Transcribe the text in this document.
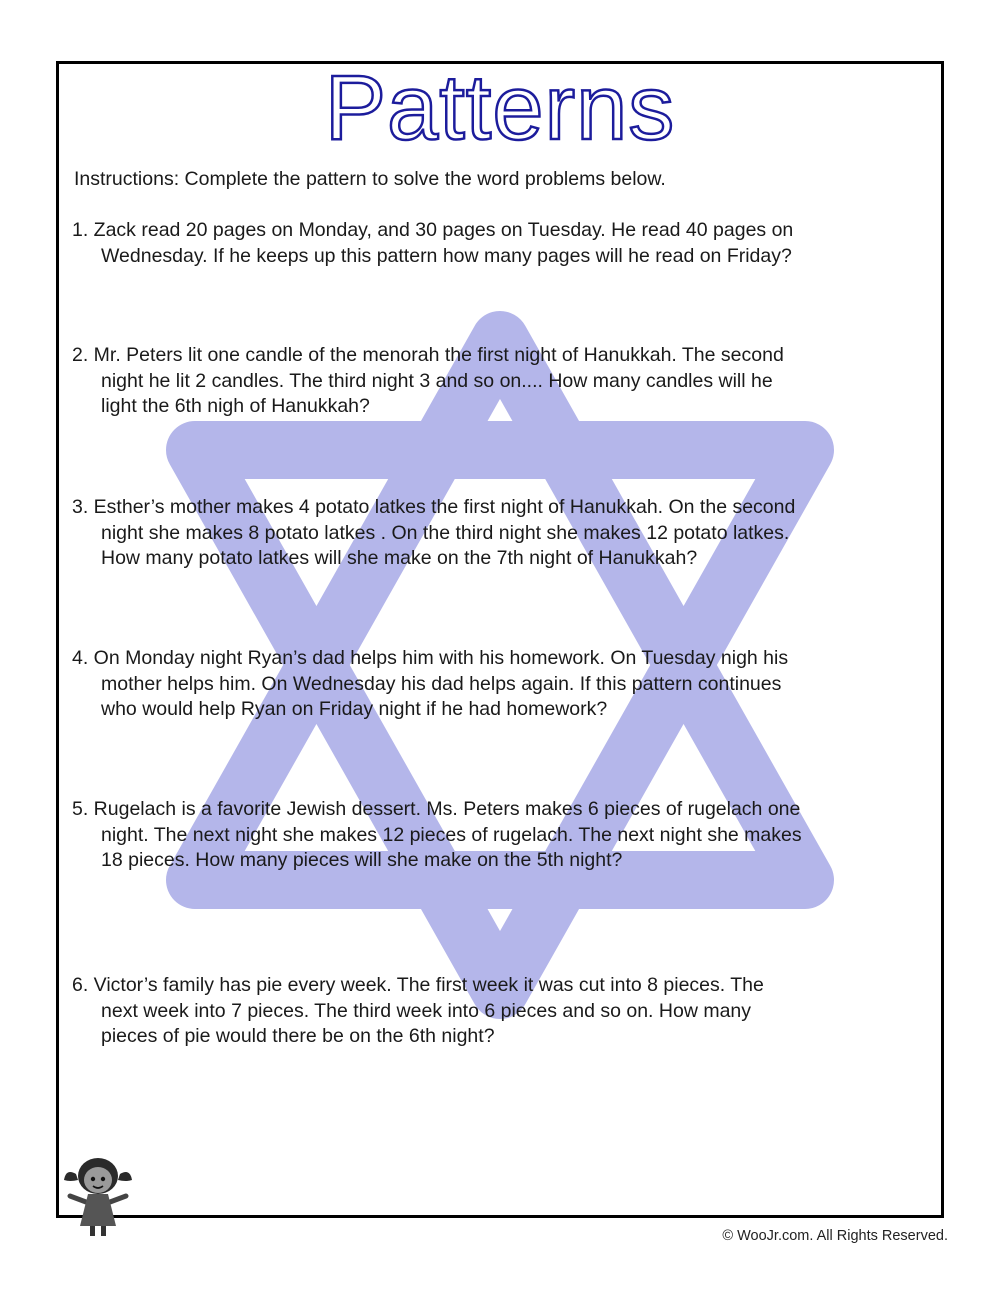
Patterns
Instructions: Complete the pattern to solve the word problems below.
1. Zack read 20 pages on Monday, and 30 pages on Tuesday. He read 40 pages on
Wednesday. If he keeps up this pattern how many pages will he read on Friday?
2. Mr. Peters lit one candle of the menorah the first night of Hanukkah. The second
night he lit 2 candles. The third night 3 and so on.... How many candles will he
light the 6th nigh of Hanukkah?
3. Esther’s mother makes 4 potato latkes the first night of Hanukkah. On the second
night she makes 8 potato latkes . On the third night she makes 12 potato latkes.
How many potato latkes will she make on the 7th night of Hanukkah?
4. On Monday night Ryan’s dad helps him with his homework. On Tuesday nigh his
mother helps him. On Wednesday his dad helps again. If this pattern continues
who would help Ryan on Friday night if he had homework?
5. Rugelach is a favorite Jewish dessert. Ms. Peters makes 6 pieces of rugelach one
night. The next night she makes 12 pieces of rugelach. The next night she makes
18 pieces. How many pieces will she make on the 5th night?
6. Victor’s family has pie every week. The first week it was cut into 8 pieces. The
next week into 7 pieces. The third week into 6 pieces and so on. How many
pieces of pie would there be on the 6th night?
© WooJr.com. All Rights Reserved.
